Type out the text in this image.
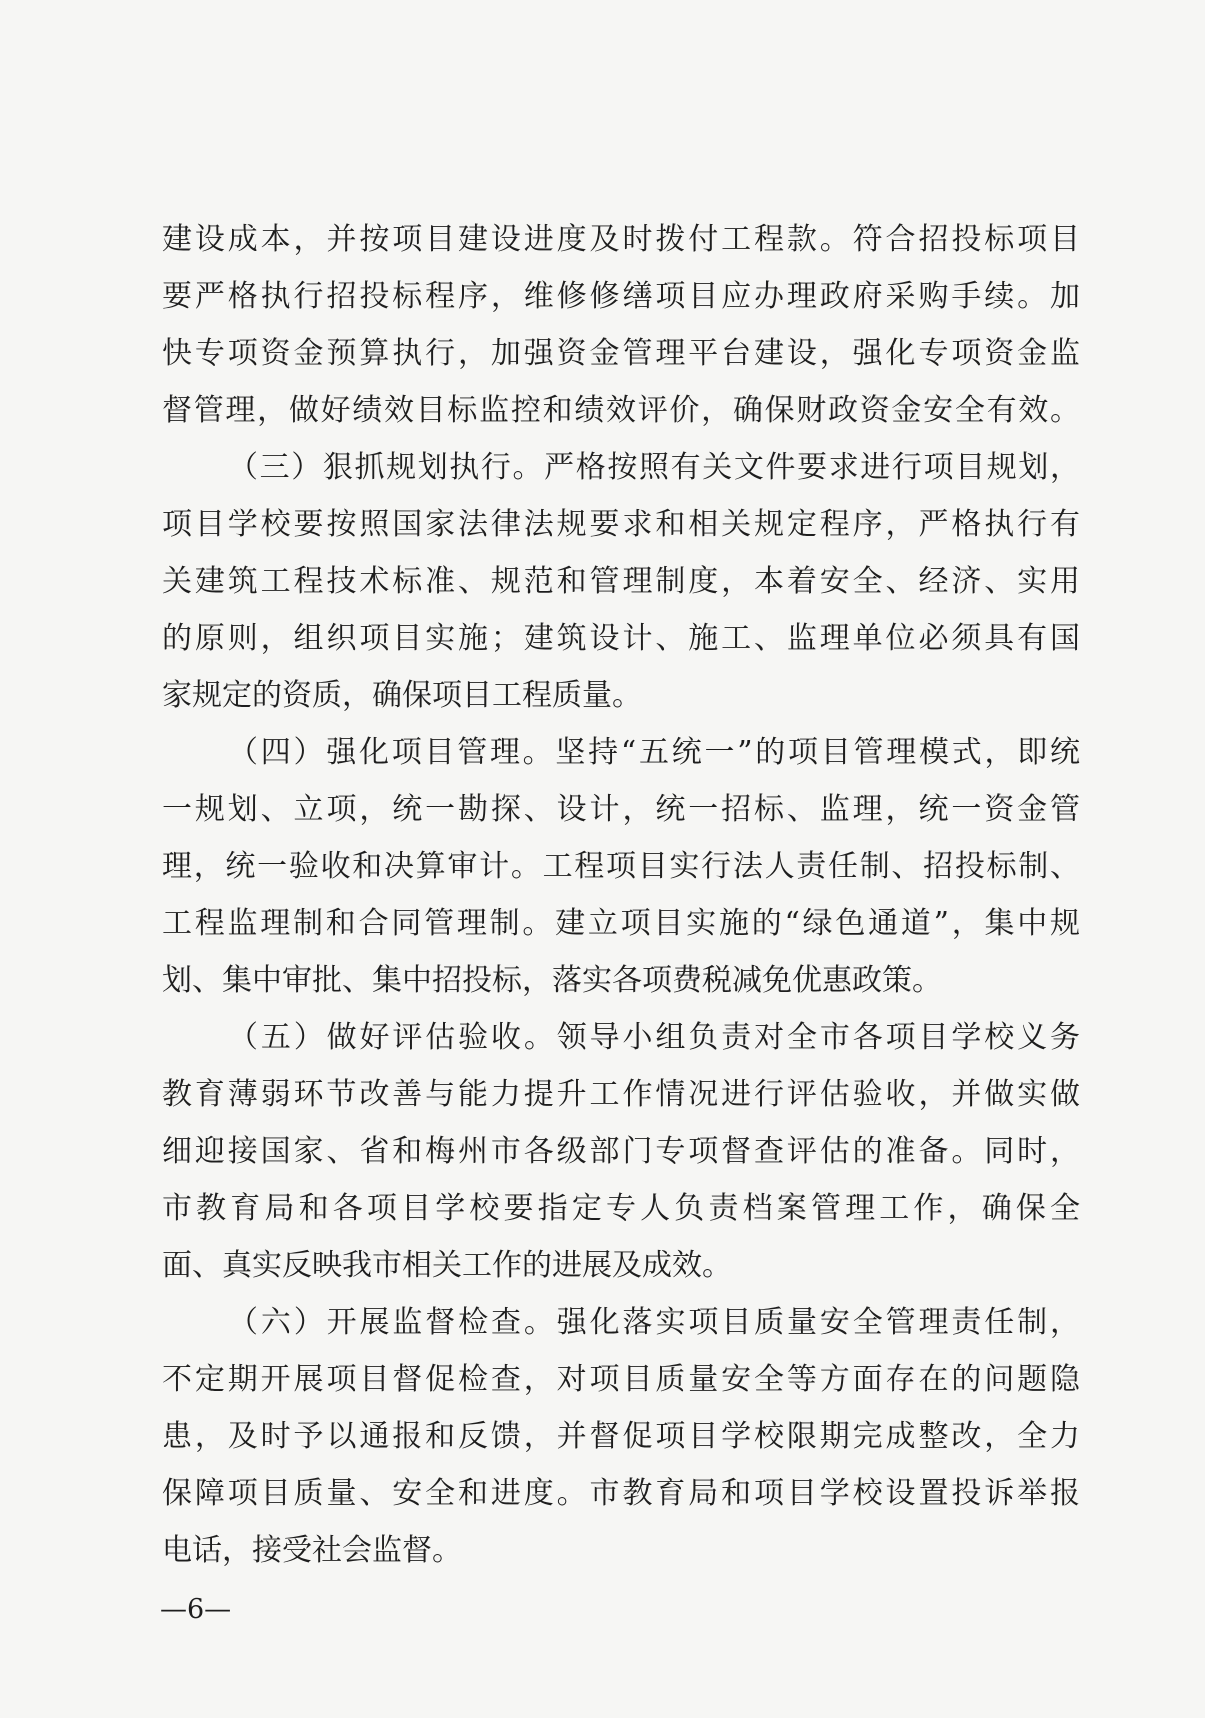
建设成本，并按项目建设进度及时拨付工程款。符合招投标项目
要严格执行招投标程序，维修修缮项目应办理政府采购手续。加
快专项资金预算执行，加强资金管理平台建设，强化专项资金监
督管理，做好绩效目标监控和绩效评价，确保财政资金安全有效。
（三）狠抓规划执行。严格按照有关文件要求进行项目规划，
项目学校要按照国家法律法规要求和相关规定程序，严格执行有
关建筑工程技术标准、规范和管理制度，本着安全、经济、实用
的原则，组织项目实施；建筑设计、施工、监理单位必须具有国
家规定的资质，确保项目工程质量。
（四）强化项目管理。坚持“五统一”的项目管理模式，即统
一规划、立项，统一勘探、设计，统一招标、监理，统一资金管
理，统一验收和决算审计。工程项目实行法人责任制、招投标制、
工程监理制和合同管理制。建立项目实施的“绿色通道”，集中规
划、集中审批、集中招投标，落实各项费税减免优惠政策。
（五）做好评估验收。领导小组负责对全市各项目学校义务
教育薄弱环节改善与能力提升工作情况进行评估验收，并做实做
细迎接国家、省和梅州市各级部门专项督查评估的准备。同时，
市教育局和各项目学校要指定专人负责档案管理工作，确保全
面、真实反映我市相关工作的进展及成效。
（六）开展监督检查。强化落实项目质量安全管理责任制，
不定期开展项目督促检查，对项目质量安全等方面存在的问题隐
患，及时予以通报和反馈，并督促项目学校限期完成整改，全力
保障项目质量、安全和进度。市教育局和项目学校设置投诉举报
电话，接受社会监督。
—6—
